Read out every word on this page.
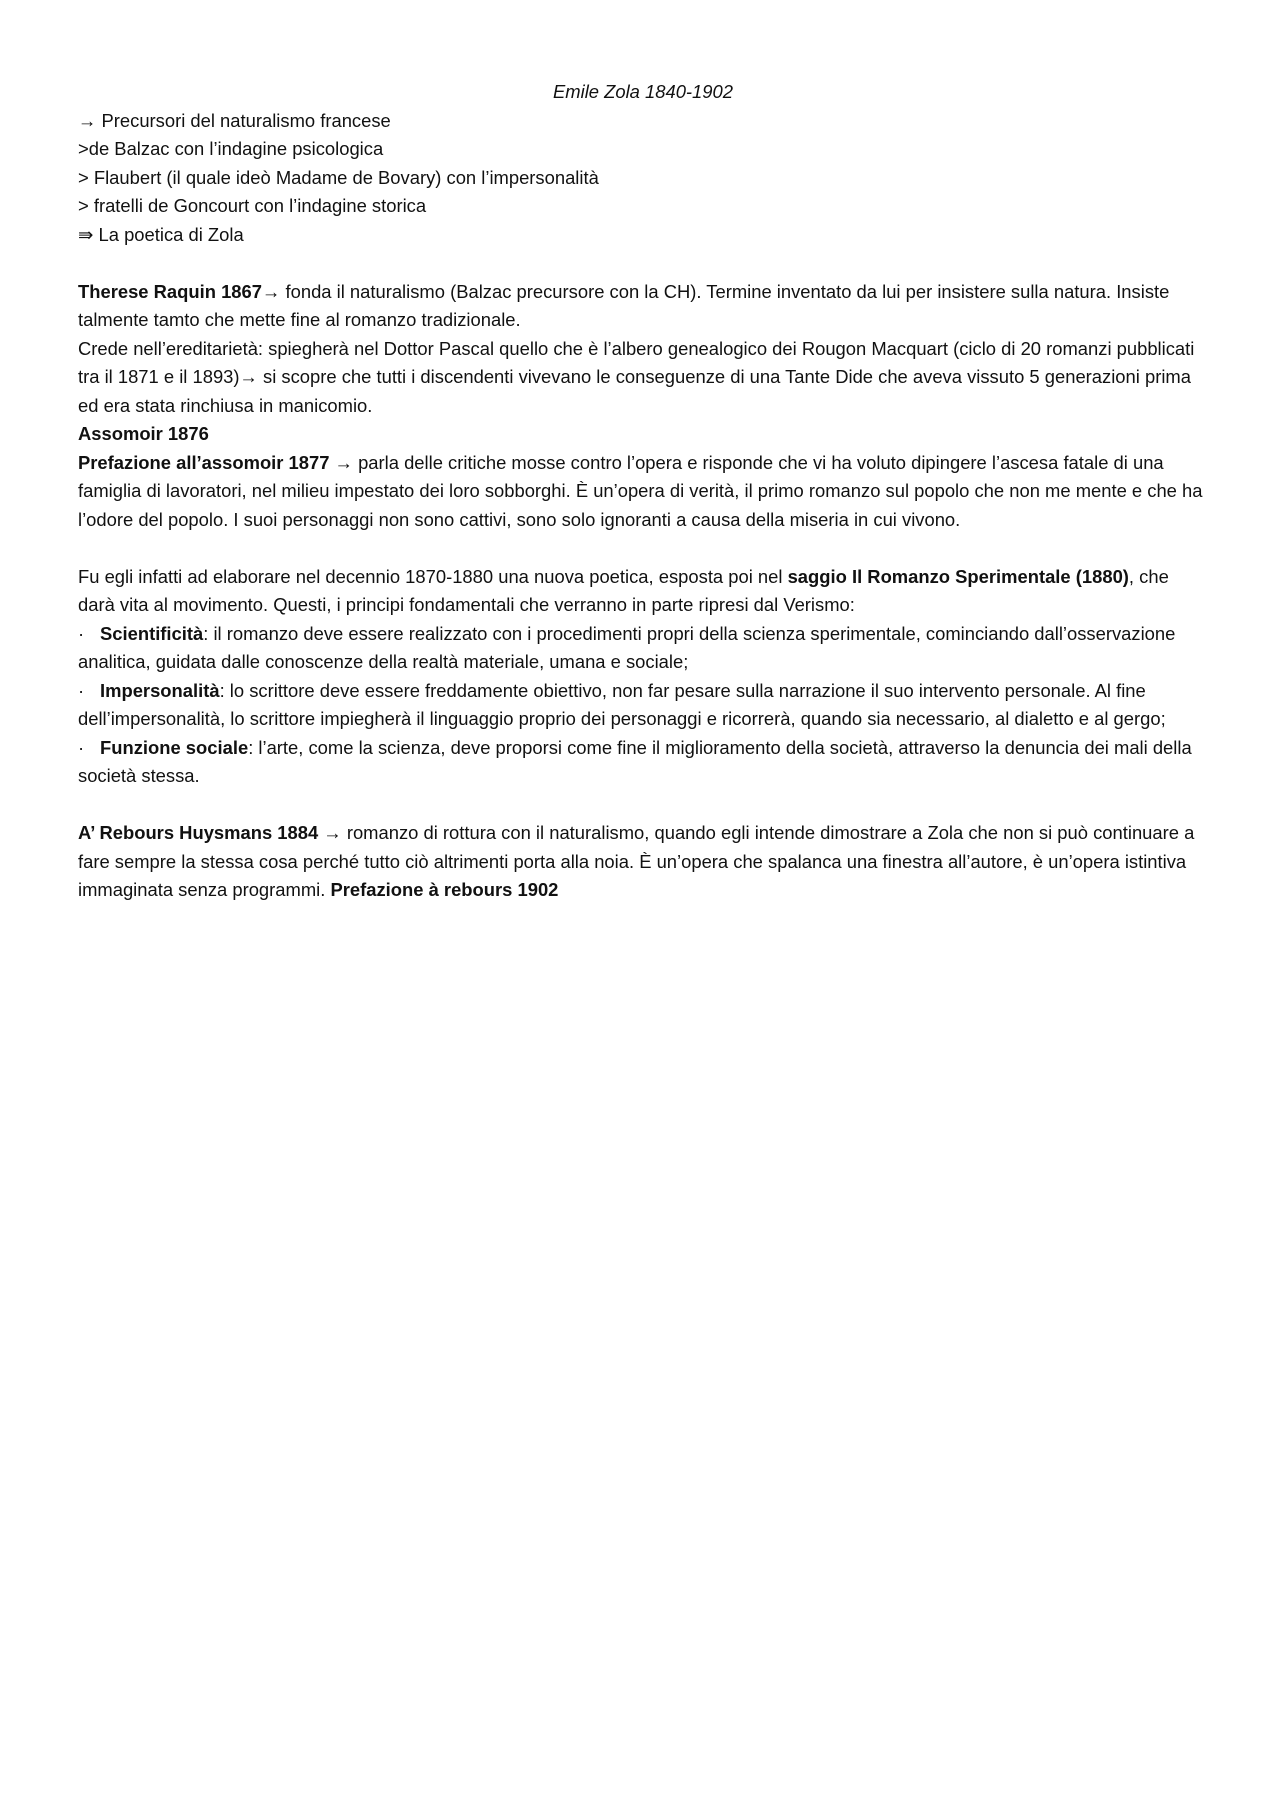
Emile Zola 1840-1902

→ Precursori del naturalismo francese

>de Balzac con l’indagine psicologica

> Flaubert (il quale ideò Madame de Bovary) con l’impersonalità

> fratelli de Goncourt con l’indagine storica

⇛ La poetica di Zola

Therese Raquin 1867→ fonda il naturalismo (Balzac precursore con la CH). Termine inventato da lui per insistere sulla natura. Insiste talmente tamto che mette fine al romanzo tradizionale.

Crede nell’ereditarietà: spiegherà nel Dottor Pascal quello che è l’albero genealogico dei Rougon Macquart (ciclo di 20 romanzi pubblicati tra il 1871 e il 1893)→ si scopre che tutti i discendenti vivevano le conseguenze di una Tante Dide che aveva vissuto 5 generazioni prima ed era stata rinchiusa in manicomio.

Assomoir 1876

Prefazione all’assomoir 1877 → parla delle critiche mosse contro l’opera e risponde che vi ha voluto dipingere l’ascesa fatale di una famiglia di lavoratori, nel milieu impestato dei loro sobborghi. È un’opera di verità, il primo romanzo sul popolo che non me mente e che ha l’odore del popolo. I suoi personaggi non sono cattivi, sono solo ignoranti a causa della miseria in cui vivono.

Fu egli infatti ad elaborare nel decennio 1870-1880 una nuova poetica, esposta poi nel saggio Il Romanzo Sperimentale (1880), che darà vita al movimento. Questi, i principi fondamentali che verranno in parte ripresi dal Verismo:

· Scientificità: il romanzo deve essere realizzato con i procedimenti propri della scienza sperimentale, cominciando dall’osservazione analitica, guidata dalle conoscenze della realtà materiale, umana e sociale;

· Impersonalità: lo scrittore deve essere freddamente obiettivo, non far pesare sulla narrazione il suo intervento personale. Al fine dell’impersonalità, lo scrittore impiegherà il linguaggio proprio dei personaggi e ricorrerà, quando sia necessario, al dialetto e al gergo;

· Funzione sociale: l’arte, come la scienza, deve proporsi come fine il miglioramento della società, attraverso la denuncia dei mali della società stessa.

A’ Rebours Huysmans 1884 → romanzo di rottura con il naturalismo, quando egli intende dimostrare a Zola che non si può continuare a fare sempre la stessa cosa perché tutto ciò altrimenti porta alla noia. È un’opera che spalanca una finestra all’autore, è un’opera istintiva immaginata senza programmi. Prefazione à rebours 1902
